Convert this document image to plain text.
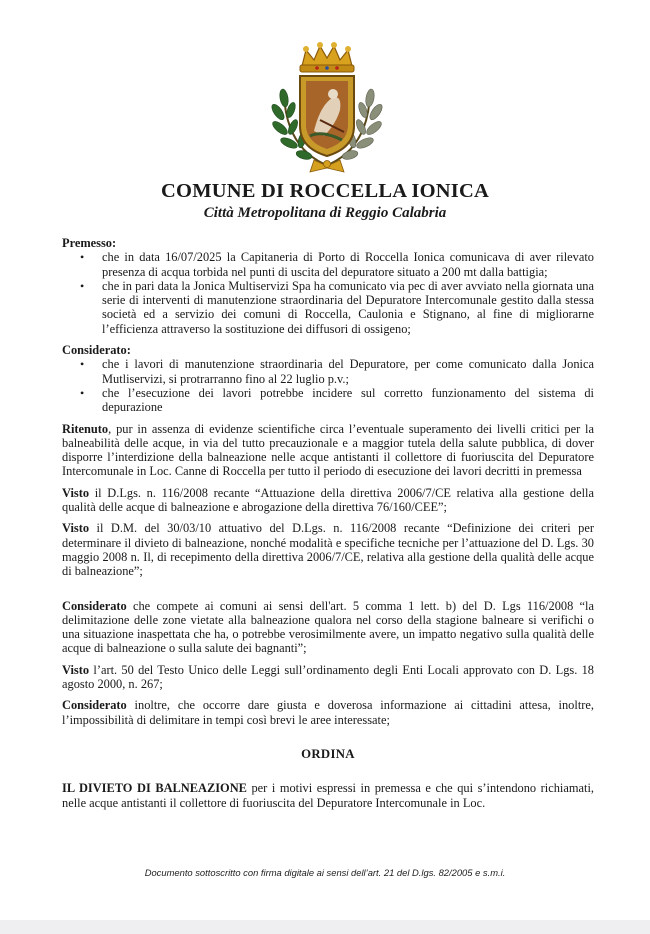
COMUNE DI ROCCELLA IONICA
Città Metropolitana di Reggio Calabria

Premesso:

• che in data 16/07/2025 la Capitaneria di Porto di Roccella Ionica comunicava di aver rilevato presenza di acqua torbida nel punti di uscita del depuratore situato a 200 mt dalla battigia;
• che in pari data la Jonica Multiservizi Spa ha comunicato via pec di aver avviato nella giornata una serie di interventi di manutenzione straordinaria del Depuratore Intercomunale gestito dalla stessa società ed a servizio dei comuni di Roccella, Caulonia e Stignano, al fine di migliorarne l’efficienza attraverso la sostituzione dei diffusori di ossigeno;

Considerato:

• che i lavori di manutenzione straordinaria del Depuratore, per come comunicato dalla Jonica Mutliservizi, si protrarranno fino al 22 luglio p.v.;
• che l’esecuzione dei lavori potrebbe incidere sul corretto funzionamento del sistema di depurazione

Ritenuto, pur in assenza di evidenze scientifiche circa l’eventuale superamento dei livelli critici per la balneabilità delle acque, in via del tutto precauzionale e a maggior tutela della salute pubblica, di dover disporre l’interdizione della balneazione nelle acque antistanti il collettore di fuoriuscita del Depuratore Intercomunale in Loc. Canne di Roccella per tutto il periodo di esecuzione dei lavori decritti in premessa

Visto il D.Lgs. n. 116/2008 recante “Attuazione della direttiva 2006/7/CE relativa alla gestione della qualità delle acque di balneazione e abrogazione della direttiva 76/160/CEE”;

Visto il D.M. del 30/03/10 attuativo del D.Lgs. n. 116/2008 recante “Definizione dei criteri per determinare il divieto di balneazione, nonché modalità e specifiche tecniche per l’attuazione del D. Lgs. 30 maggio 2008 n. Il, di recepimento della direttiva 2006/7/CE, relativa alla gestione della qualità delle acque di balneazione”;

Considerato che compete ai comuni ai sensi dell'art. 5 comma 1 lett. b) del D. Lgs 116/2008 “la delimitazione delle zone vietate alla balneazione qualora nel corso della stagione balneare si verifichi o una situazione inaspettata che ha, o potrebbe verosimilmente avere, un impatto negativo sulla qualità delle acque di balneazione o sulla salute dei bagnanti”;

Visto l’art. 50 del Testo Unico delle Leggi sull’ordinamento degli Enti Locali approvato con D. Lgs. 18 agosto 2000, n. 267;

Considerato inoltre, che occorre dare giusta e doverosa informazione ai cittadini attesa, inoltre, l’impossibilità di delimitare in tempi così brevi le aree interessate;

ORDINA

IL DIVIETO DI BALNEAZIONE per i motivi espressi in premessa e che qui s’intendono richiamati, nelle acque antistanti il collettore di fuoriuscita del Depuratore Intercomunale in Loc.

Documento sottoscritto con firma digitale ai sensi dell’art. 21 del D.lgs. 82/2005 e s.m.i.
